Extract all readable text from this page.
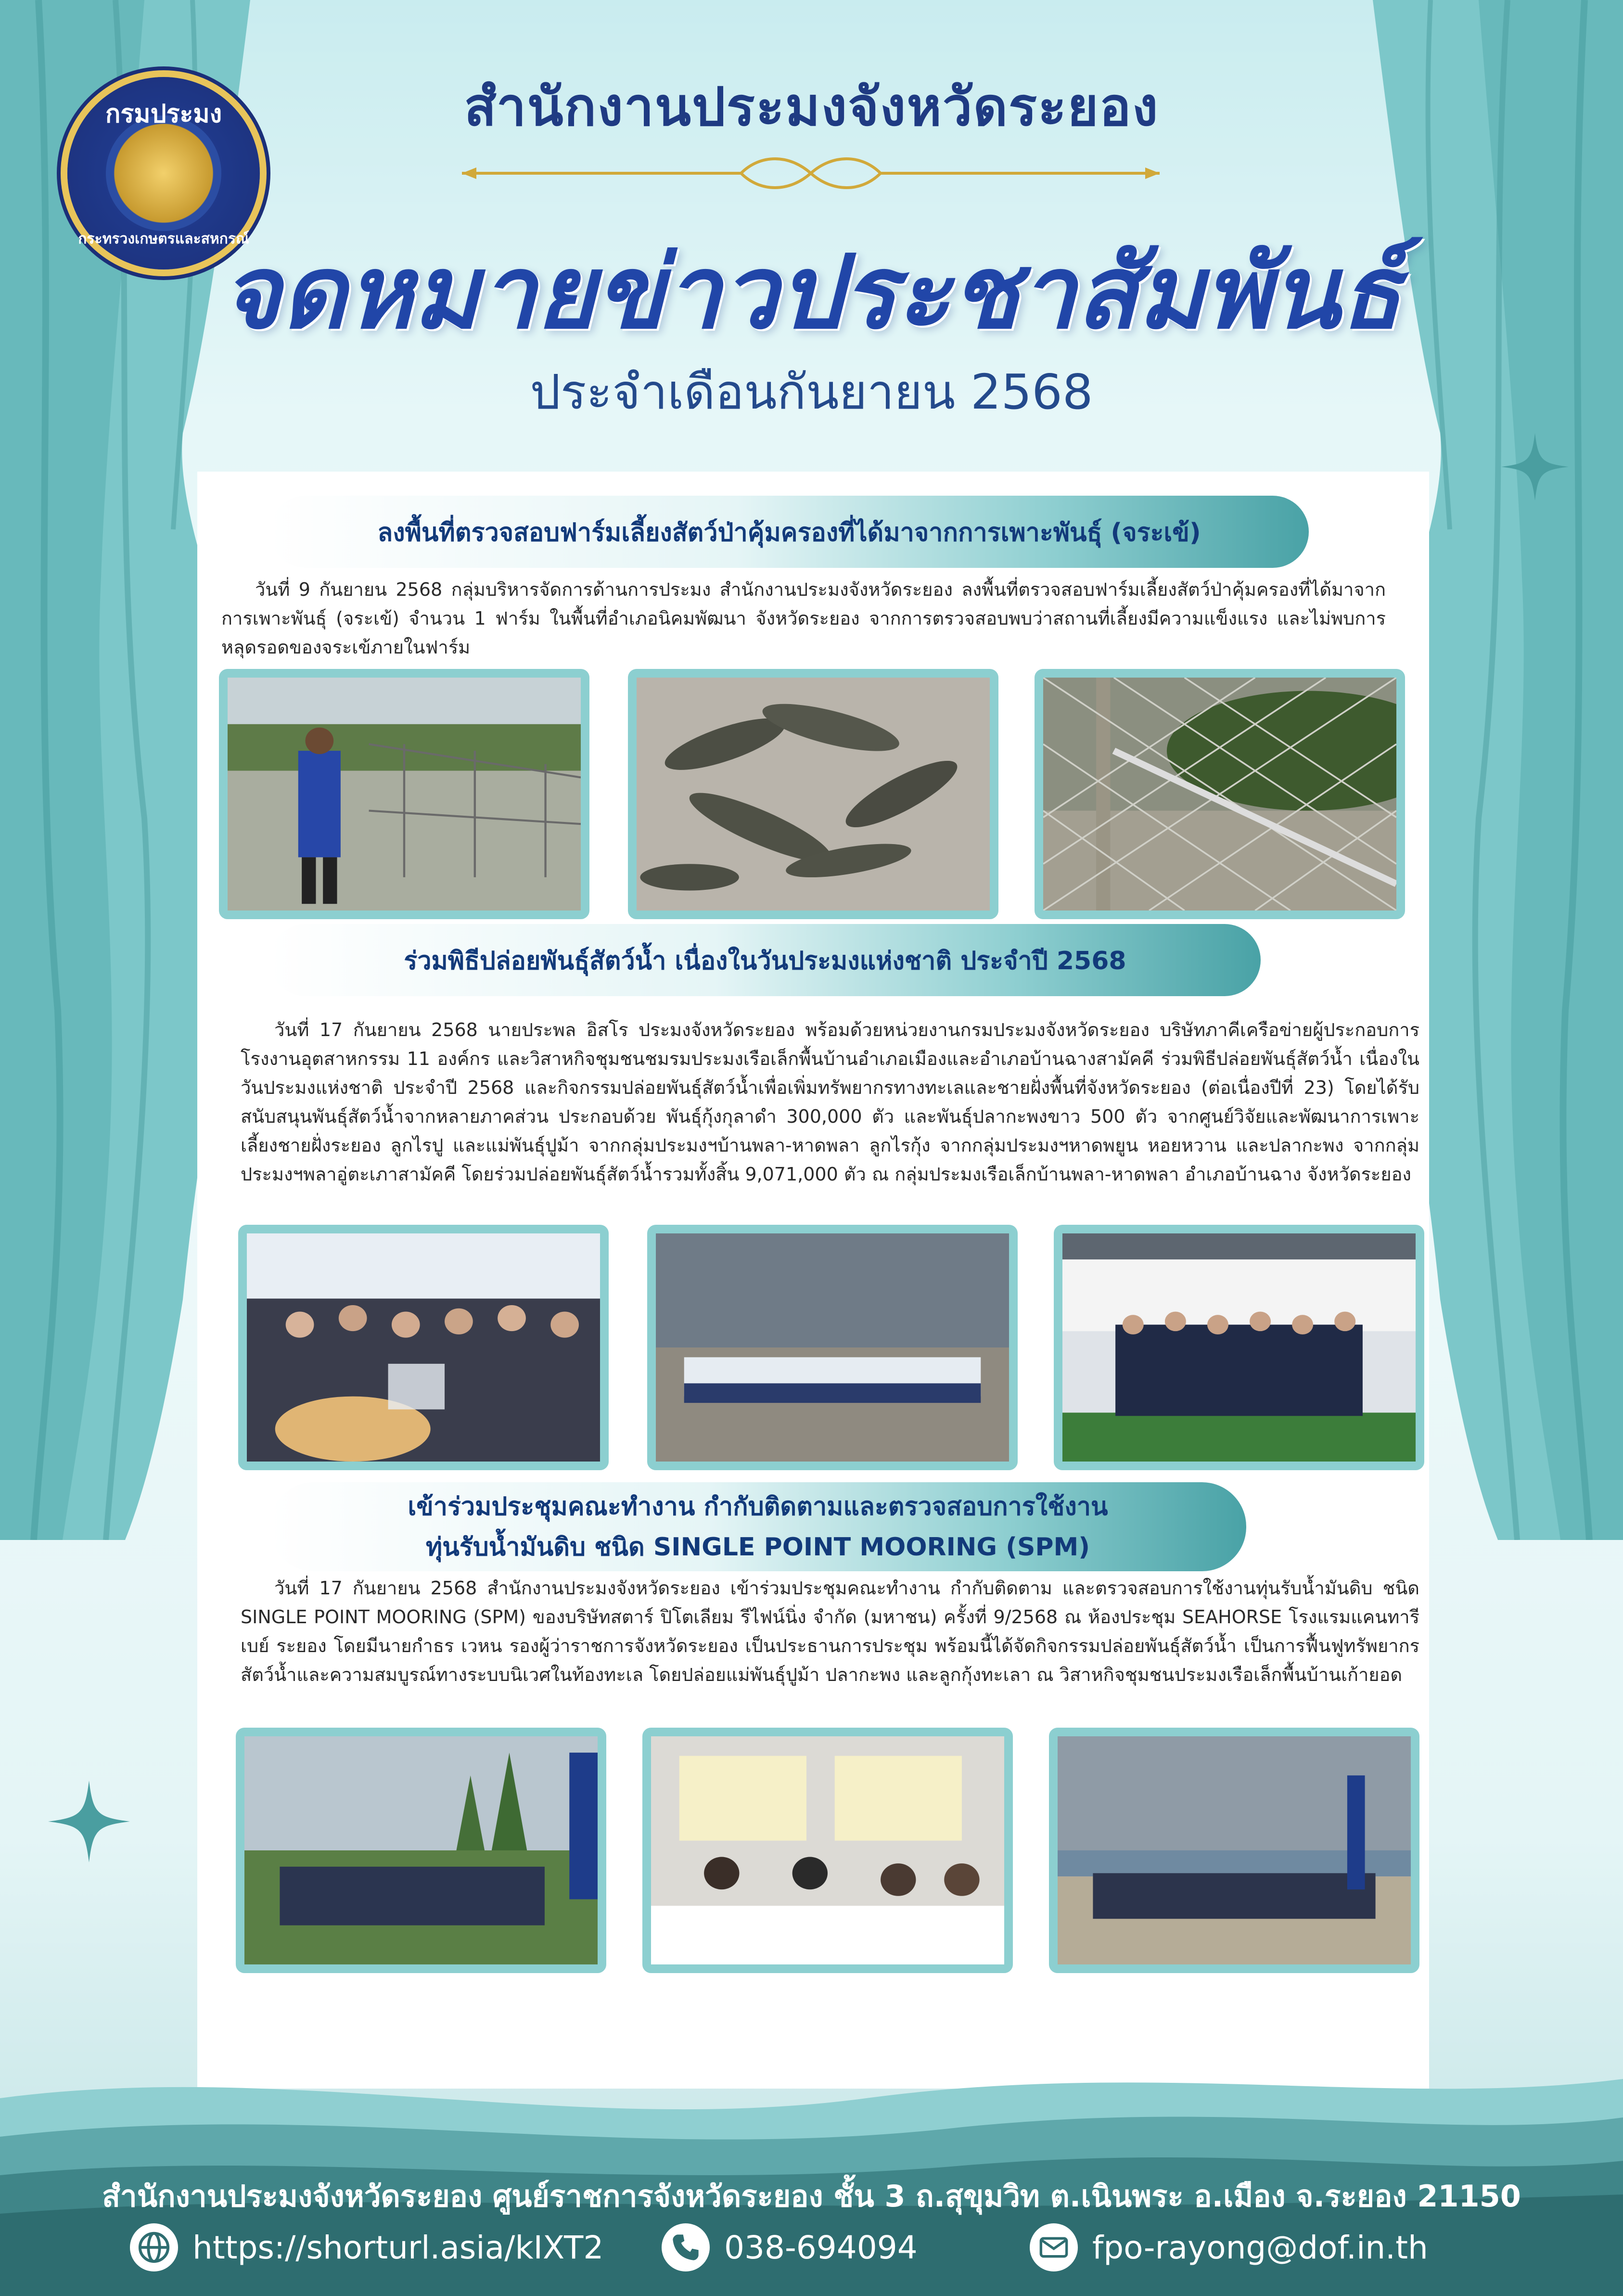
กรมประมง
กระทรวงเกษตรและสหกรณ์
สำนักงานประมงจังหวัดระยอง
จดหมายข่าวประชาสัมพันธ์
ประจำเดือนกันยายน 2568
ลงพื้นที่ตรวจสอบฟาร์มเลี้ยงสัตว์ป่าคุ้มครองที่ได้มาจากการเพาะพันธุ์ (จระเข้)
วันที่ 9 กันยายน 2568 กลุ่มบริหารจัดการด้านการประมง สำนักงานประมงจังหวัดระยอง ลงพื้นที่ตรวจสอบฟาร์มเลี้ยงสัตว์ป่าคุ้มครองที่ได้มาจากการเพาะพันธุ์ (จระเข้) จำนวน 1 ฟาร์ม ในพื้นที่อำเภอนิคมพัฒนา จังหวัดระยอง จากการตรวจสอบพบว่าสถานที่เลี้ยงมีความแข็งแรง และไม่พบการหลุดรอดของจระเข้ภายในฟาร์ม
ร่วมพิธีปล่อยพันธุ์สัตว์น้ำ เนื่องในวันประมงแห่งชาติ ประจำปี 2568
วันที่ 17 กันยายน 2568 นายประพล อิสโร ประมงจังหวัดระยอง พร้อมด้วยหน่วยงานกรมประมงจังหวัดระยอง บริษัทภาคีเครือข่ายผู้ประกอบการโรงงานอุตสาหกรรม 11 องค์กร และวิสาหกิจชุมชนชมรมประมงเรือเล็กพื้นบ้านอำเภอเมืองและอำเภอบ้านฉางสามัคคี ร่วมพิธีปล่อยพันธุ์สัตว์น้ำ เนื่องในวันประมงแห่งชาติ ประจำปี 2568 และกิจกรรมปล่อยพันธุ์สัตว์น้ำเพื่อเพิ่มทรัพยากรทางทะเลและชายฝั่งพื้นที่จังหวัดระยอง (ต่อเนื่องปีที่ 23) โดยได้รับสนับสนุนพันธุ์สัตว์น้ำจากหลายภาคส่วน ประกอบด้วย พันธุ์กุ้งกุลาดำ 300,000 ตัว และพันธุ์ปลากะพงขาว 500 ตัว จากศูนย์วิจัยและพัฒนาการเพาะเลี้ยงชายฝั่งระยอง ลูกไรปู และแม่พันธุ์ปูม้า จากกลุ่มประมงฯบ้านพลา-หาดพลา ลูกไรกุ้ง จากกลุ่มประมงฯหาดพยูน หอยหวาน และปลากะพง จากกลุ่มประมงฯพลาอู่ตะเภาสามัคคี โดยร่วมปล่อยพันธุ์สัตว์น้ำรวมทั้งสิ้น 9,071,000 ตัว ณ กลุ่มประมงเรือเล็กบ้านพลา-หาดพลา อำเภอบ้านฉาง จังหวัดระยอง
เข้าร่วมประชุมคณะทำงาน กำกับติดตามและตรวจสอบการใช้งาน
ทุ่นรับน้ำมันดิบ ชนิด SINGLE POINT MOORING (SPM)
วันที่ 17 กันยายน 2568 สำนักงานประมงจังหวัดระยอง เข้าร่วมประชุมคณะทำงาน กำกับติดตาม และตรวจสอบการใช้งานทุ่นรับน้ำมันดิบ ชนิด SINGLE POINT MOORING (SPM) ของบริษัทสตาร์ ปิโตเลียม รีไฟน์นิ่ง จำกัด (มหาชน) ครั้งที่ 9/2568 ณ ห้องประชุม SEAHORSE โรงแรมแคนทารี เบย์ ระยอง โดยมีนายกำธร เวหน รองผู้ว่าราชการจังหวัดระยอง เป็นประธานการประชุม พร้อมนี้ได้จัดกิจกรรมปล่อยพันธุ์สัตว์น้ำ เป็นการฟื้นฟูทรัพยากรสัตว์น้ำและความสมบูรณ์ทางระบบนิเวศในท้องทะเล โดยปล่อยแม่พันธุ์ปูม้า ปลากะพง และลูกกุ้งทะเลา ณ วิสาหกิจชุมชนประมงเรือเล็กพื้นบ้านเก้ายอด
สำนักงานประมงจังหวัดระยอง ศูนย์ราชการจังหวัดระยอง ชั้น 3 ถ.สุขุมวิท ต.เนินพระ อ.เมือง จ.ระยอง 21150
https://shorturl.asia/kIXT2	038-694094	fpo-rayong@dof.in.th
